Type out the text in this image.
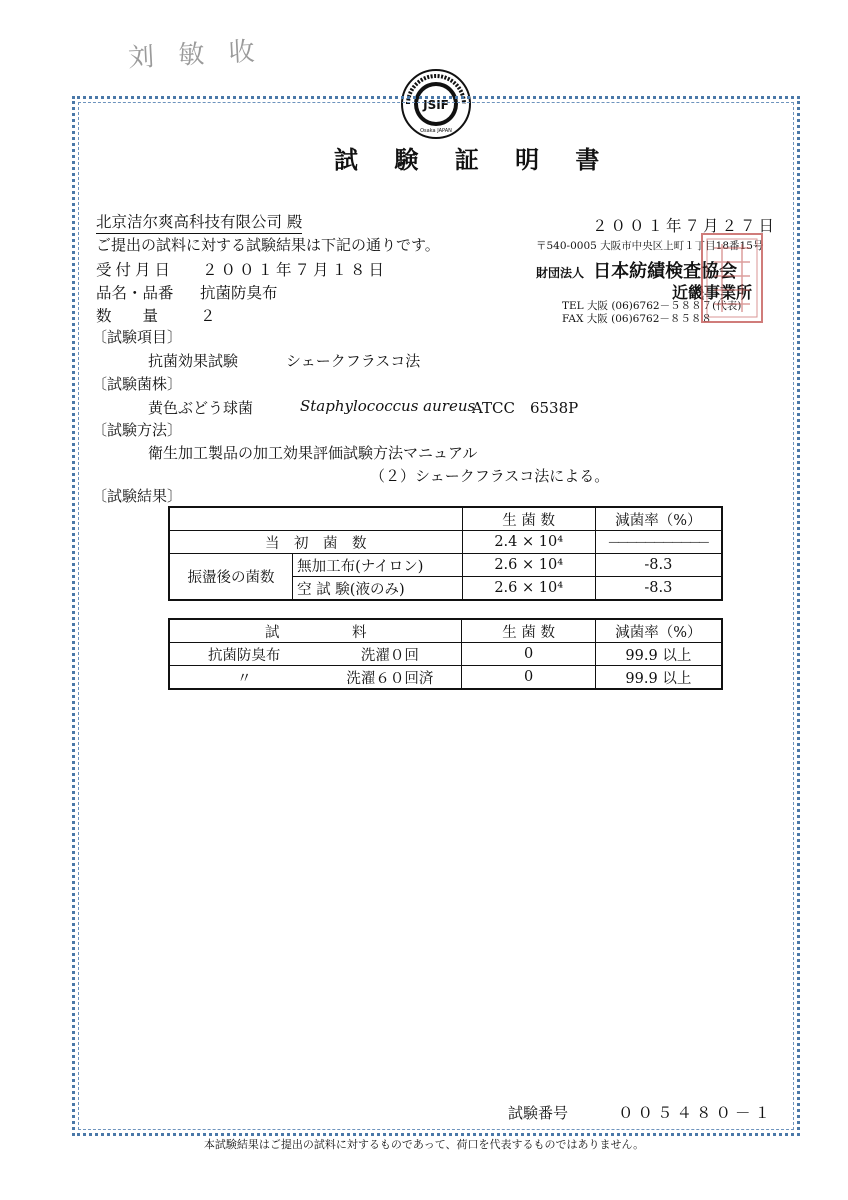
刘 敏 收
JSIF
Osaka JAPAN
試 験 証 明 書
北京洁尔爽高科技有限公司 殿
ご提出の試料に対する試験結果は下記の通りです。
２００１年７月２７日
〒540-0005 大阪市中央区上町１丁目18番15号
財団法人 日本紡績検査協会
近畿事業所
TEL 大阪 (06)6762－５８８７(代表)
FAX 大阪 (06)6762－８５８８
受付月日 ２００１年７月１８日
品名・品番 抗菌防臭布
数　　量	２
〔試験項目〕
抗菌効果試験	シェークフラスコ法
〔試験菌株〕
黄色ぶどう球菌	Staphylococcus aureus
ATCC　6538P
〔試験方法〕
衛生加工製品の加工効果評価試験方法マニュアル
（２）シェークフラスコ法による。
〔試験結果〕
		生 菌 数	減菌率（%）
当　初　菌　数		2.4 × 10⁴	―――――――――――
振盪後の菌数	無加工布(ナイロン)	2.6 × 10⁴	-8.3
	空 試 験(液のみ)	2.6 × 10⁴	-8.3
試　　　　　料		生 菌 数	減菌率（%）
抗菌防臭布	洗濯０回	0	99.9 以上
〃	洗濯６０回済	0	99.9 以上
試験番号	００５４８０－１
本試験結果はご提出の試料に対するものであって、荷口を代表するものではありません。
